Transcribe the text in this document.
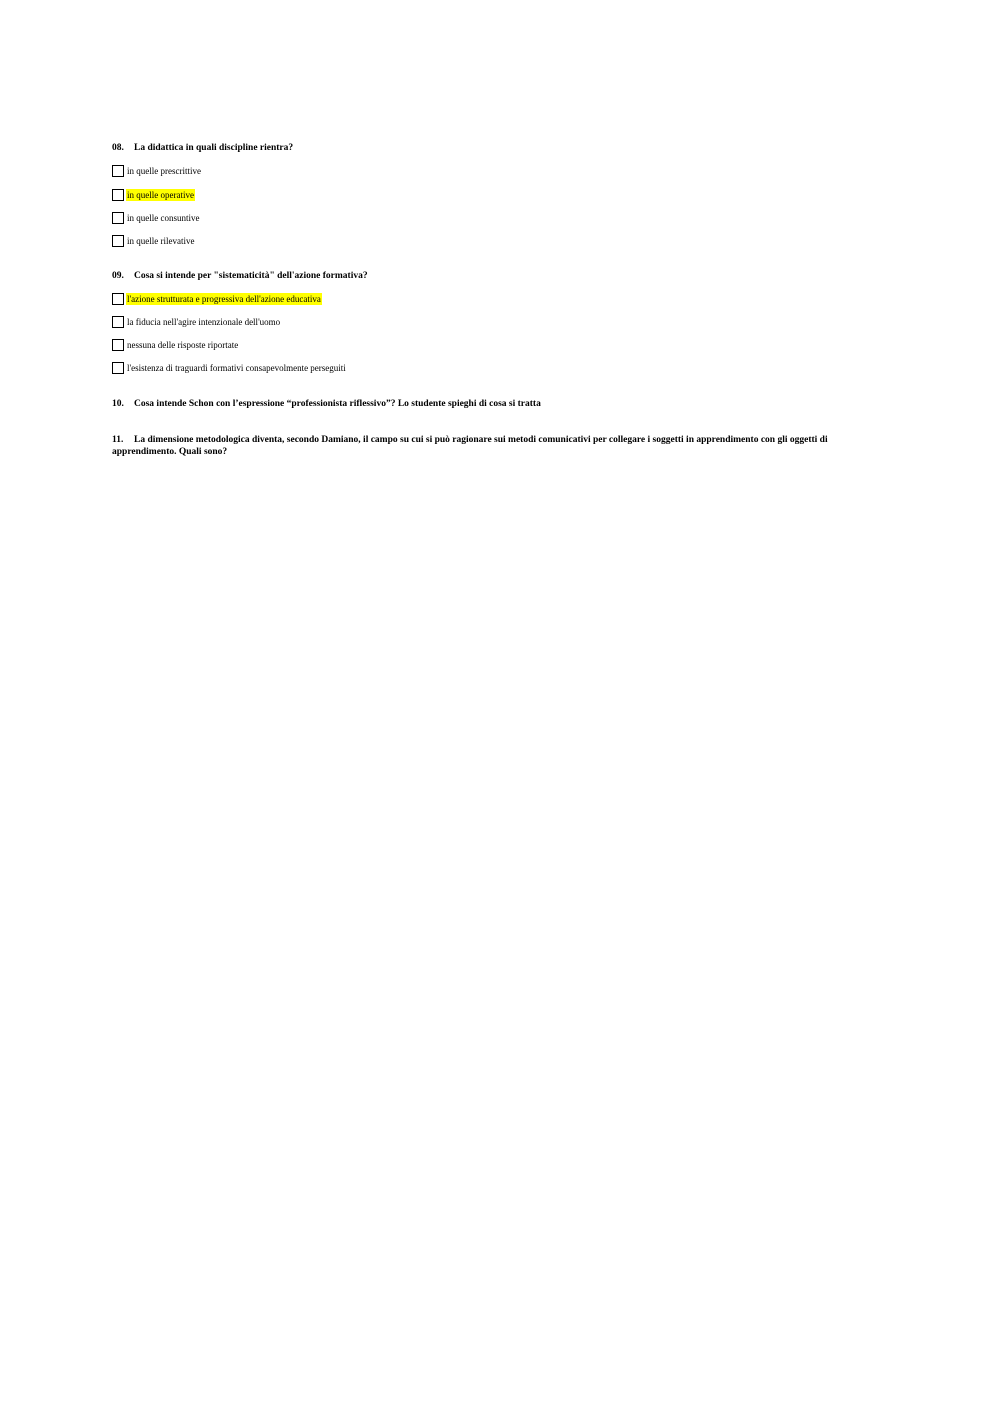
08. La didattica in quali discipline rientra?
in quelle prescrittive
in quelle operative
in quelle consuntive
in quelle rilevative
09. Cosa si intende per "sistematicità" dell'azione formativa?
l'azione strutturata e progressiva dell'azione educativa
la fiducia nell'agire intenzionale dell'uomo
nessuna delle risposte riportate
l'esistenza di traguardi formativi consapevolmente perseguiti
10. Cosa intende Schon con l’espressione “professionista riflessivo”? Lo studente spieghi di cosa si tratta
11. La dimensione metodologica diventa, secondo Damiano, il campo su cui si può ragionare sui metodi comunicativi per collegare i soggetti in apprendimento con gli oggetti di apprendimento. Quali sono?
